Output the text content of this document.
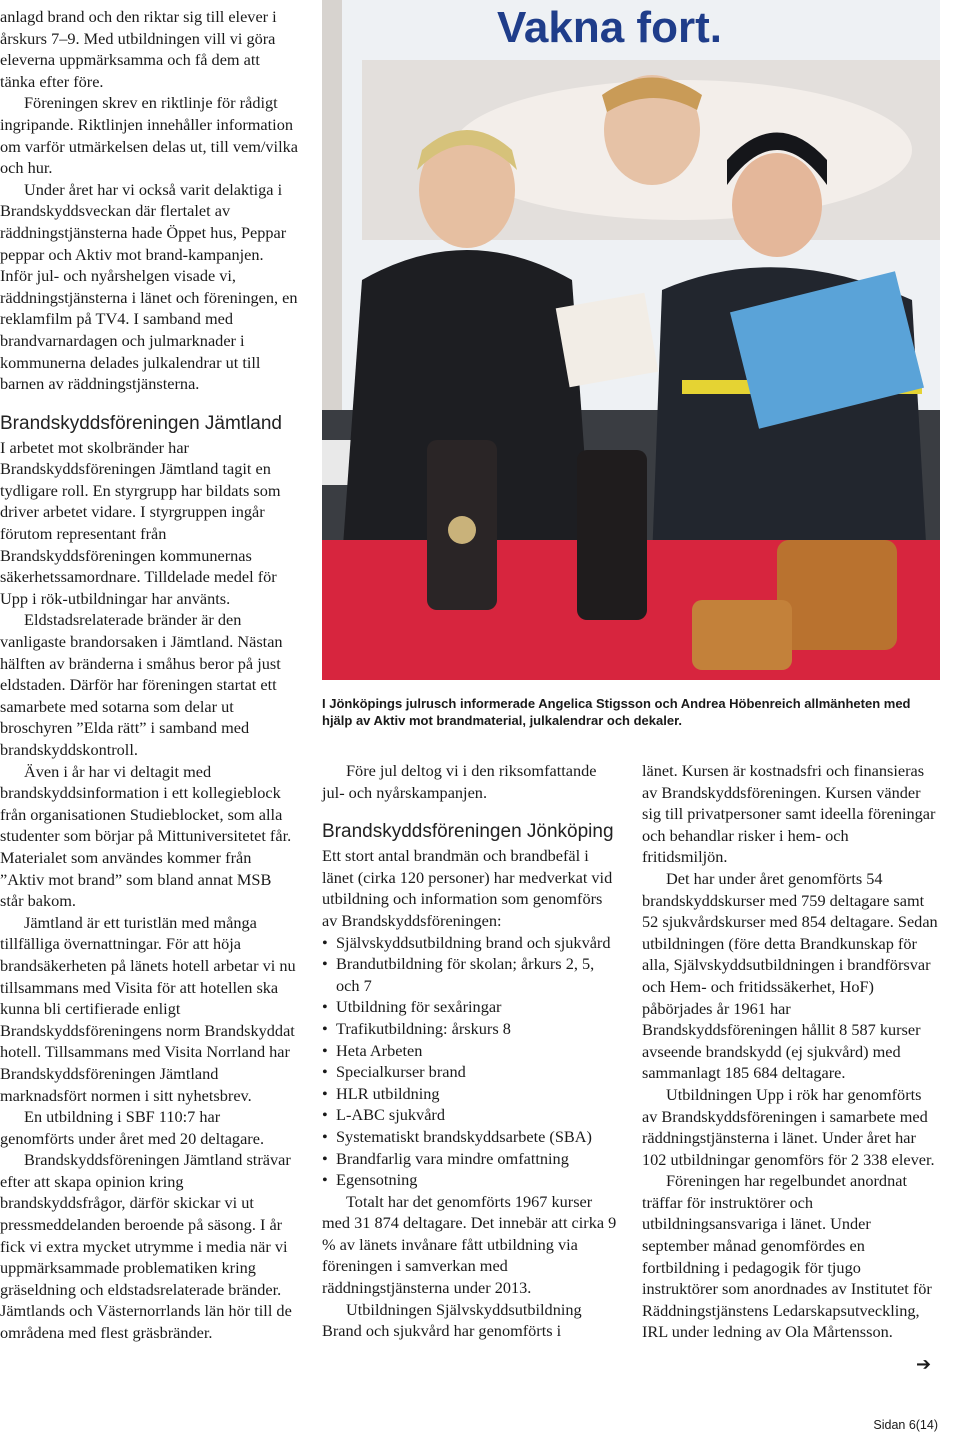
anlagd brand och den riktar sig till elever i årskurs 7–9. Med utbildningen vill vi göra eleverna uppmärksamma och få dem att tänka efter före.

Föreningen skrev en riktlinje för rådigt ingripande. Riktlinjen innehåller information om varför utmärkelsen delas ut, till vem/vilka och hur.

Under året har vi också varit delaktiga i Brandskyddsveckan där flertalet av räddningstjänsterna hade Öppet hus, Peppar peppar och Aktiv mot brand-kampanjen. Inför jul- och nyårshelgen visade vi, räddningstjänsterna i länet och föreningen, en reklamfilm på TV4. I samband med brandvarnardagen och julmarknader i kommunerna delades julkalendrar ut till barnen av räddningstjänsterna.

Brandskyddsföreningen Jämtland

I arbetet mot skolbränder har Brandskyddsföreningen Jämtland tagit en tydligare roll. En styrgrupp har bildats som driver arbetet vidare. I styrgruppen ingår förutom representant från Brandskyddsföreningen kommunernas säkerhetssamordnare. Tilldelade medel för Upp i rök-utbildningar har använts.

Eldstadsrelaterade bränder är den vanligaste brandorsaken i Jämtland. Nästan hälften av bränderna i småhus beror på just eldstaden. Därför har föreningen startat ett samarbete med sotarna som delar ut broschyren ”Elda rätt” i samband med brandskyddskontroll.

Även i år har vi deltagit med brandskyddsinformation i ett kollegieblock från organisationen Studieblocket, som alla studenter som börjar på Mittuniversitetet får. Materialet som användes kommer från ”Aktiv mot brand” som bland annat MSB står bakom.

Jämtland är ett turistlän med många tillfälliga övernattningar. För att höja brandsäkerheten på länets hotell arbetar vi nu tillsammans med Visita för att hotellen ska kunna bli certifierade enligt Brandskyddsföreningens norm Brandskyddat hotell. Tillsammans med Visita Norrland har Brandskyddsföreningen Jämtland marknadsfört normen i sitt nyhetsbrev.

En utbildning i SBF 110:7 har genomförts under året med 20 deltagare.

Brandskyddsföreningen Jämtland strävar efter att skapa opinion kring brandskyddsfrågor, därför skickar vi ut pressmeddelanden beroende på säsong. I år fick vi extra mycket utrymme i media när vi uppmärksammade problematiken kring gräseldning och eldstadsrelaterade bränder. Jämtlands och Västernorrlands län hör till de områdena med flest gräsbränder.

Vakna fort.
I Jönköpings julrusch informerade Angelica Stigsson och Andrea Höbenreich allmänheten med hjälp av Aktiv mot brandmaterial, julkalendrar och dekaler.

Före jul deltog vi i den riksomfattande jul- och nyårskampanjen.

Brandskyddsföreningen Jönköping

Ett stort antal brandmän och brandbefäl i länet (cirka 120 personer) har medverkat vid utbildning och information som genomförs av Brandskyddsföreningen:

• Självskyddsutbildning brand och sjukvård
• Brandutbildning för skolan; årkurs 2, 5, och 7
• Utbildning för sexåringar
• Trafikutbildning: årskurs 8
• Heta Arbeten
• Specialkurser brand
• HLR utbildning
• L-ABC sjukvård
• Systematiskt brandskyddsarbete (SBA)
• Brandfarlig vara mindre omfattning
• Egensotning

Totalt har det genomförts 1967 kurser med 31 874 deltagare. Det innebär att cirka 9 % av länets invånare fått utbildning via föreningen i samverkan med räddningstjänsterna under 2013.

Utbildningen Självskyddsutbildning Brand och sjukvård har genomförts i

länet. Kursen är kostnadsfri och finansieras av Brandskyddsföreningen. Kursen vänder sig till privatpersoner samt ideella föreningar och behandlar risker i hem- och fritidsmiljön.

Det har under året genomförts 54 brandskyddskurser med 759 deltagare samt 52 sjukvårdskurser med 854 deltagare. Sedan utbildningen (före detta Brandkunskap för alla, Självskyddsutbildningen i brandförsvar och Hem- och fritidssäkerhet, HoF) påbörjades år 1961 har Brandskyddsföreningen hållit 8 587 kurser avseende brandskydd (ej sjukvård) med sammanlagt 185 684 deltagare.

Utbildningen Upp i rök har genomförts av Brandskyddsföreningen i samarbete med räddningstjänsterna i länet. Under året har 102 utbildningar genomförs för 2 338 elever.

Föreningen har regelbundet anordnat träffar för instruktörer och utbildningsansvariga i länet. Under september månad genomfördes en fortbildning i pedagogik för tjugo instruktörer som anordnades av Institutet för Räddningstjänstens Ledarskapsutveckling, IRL under ledning av Ola Mårtensson.

➔
Sidan 6(14)
